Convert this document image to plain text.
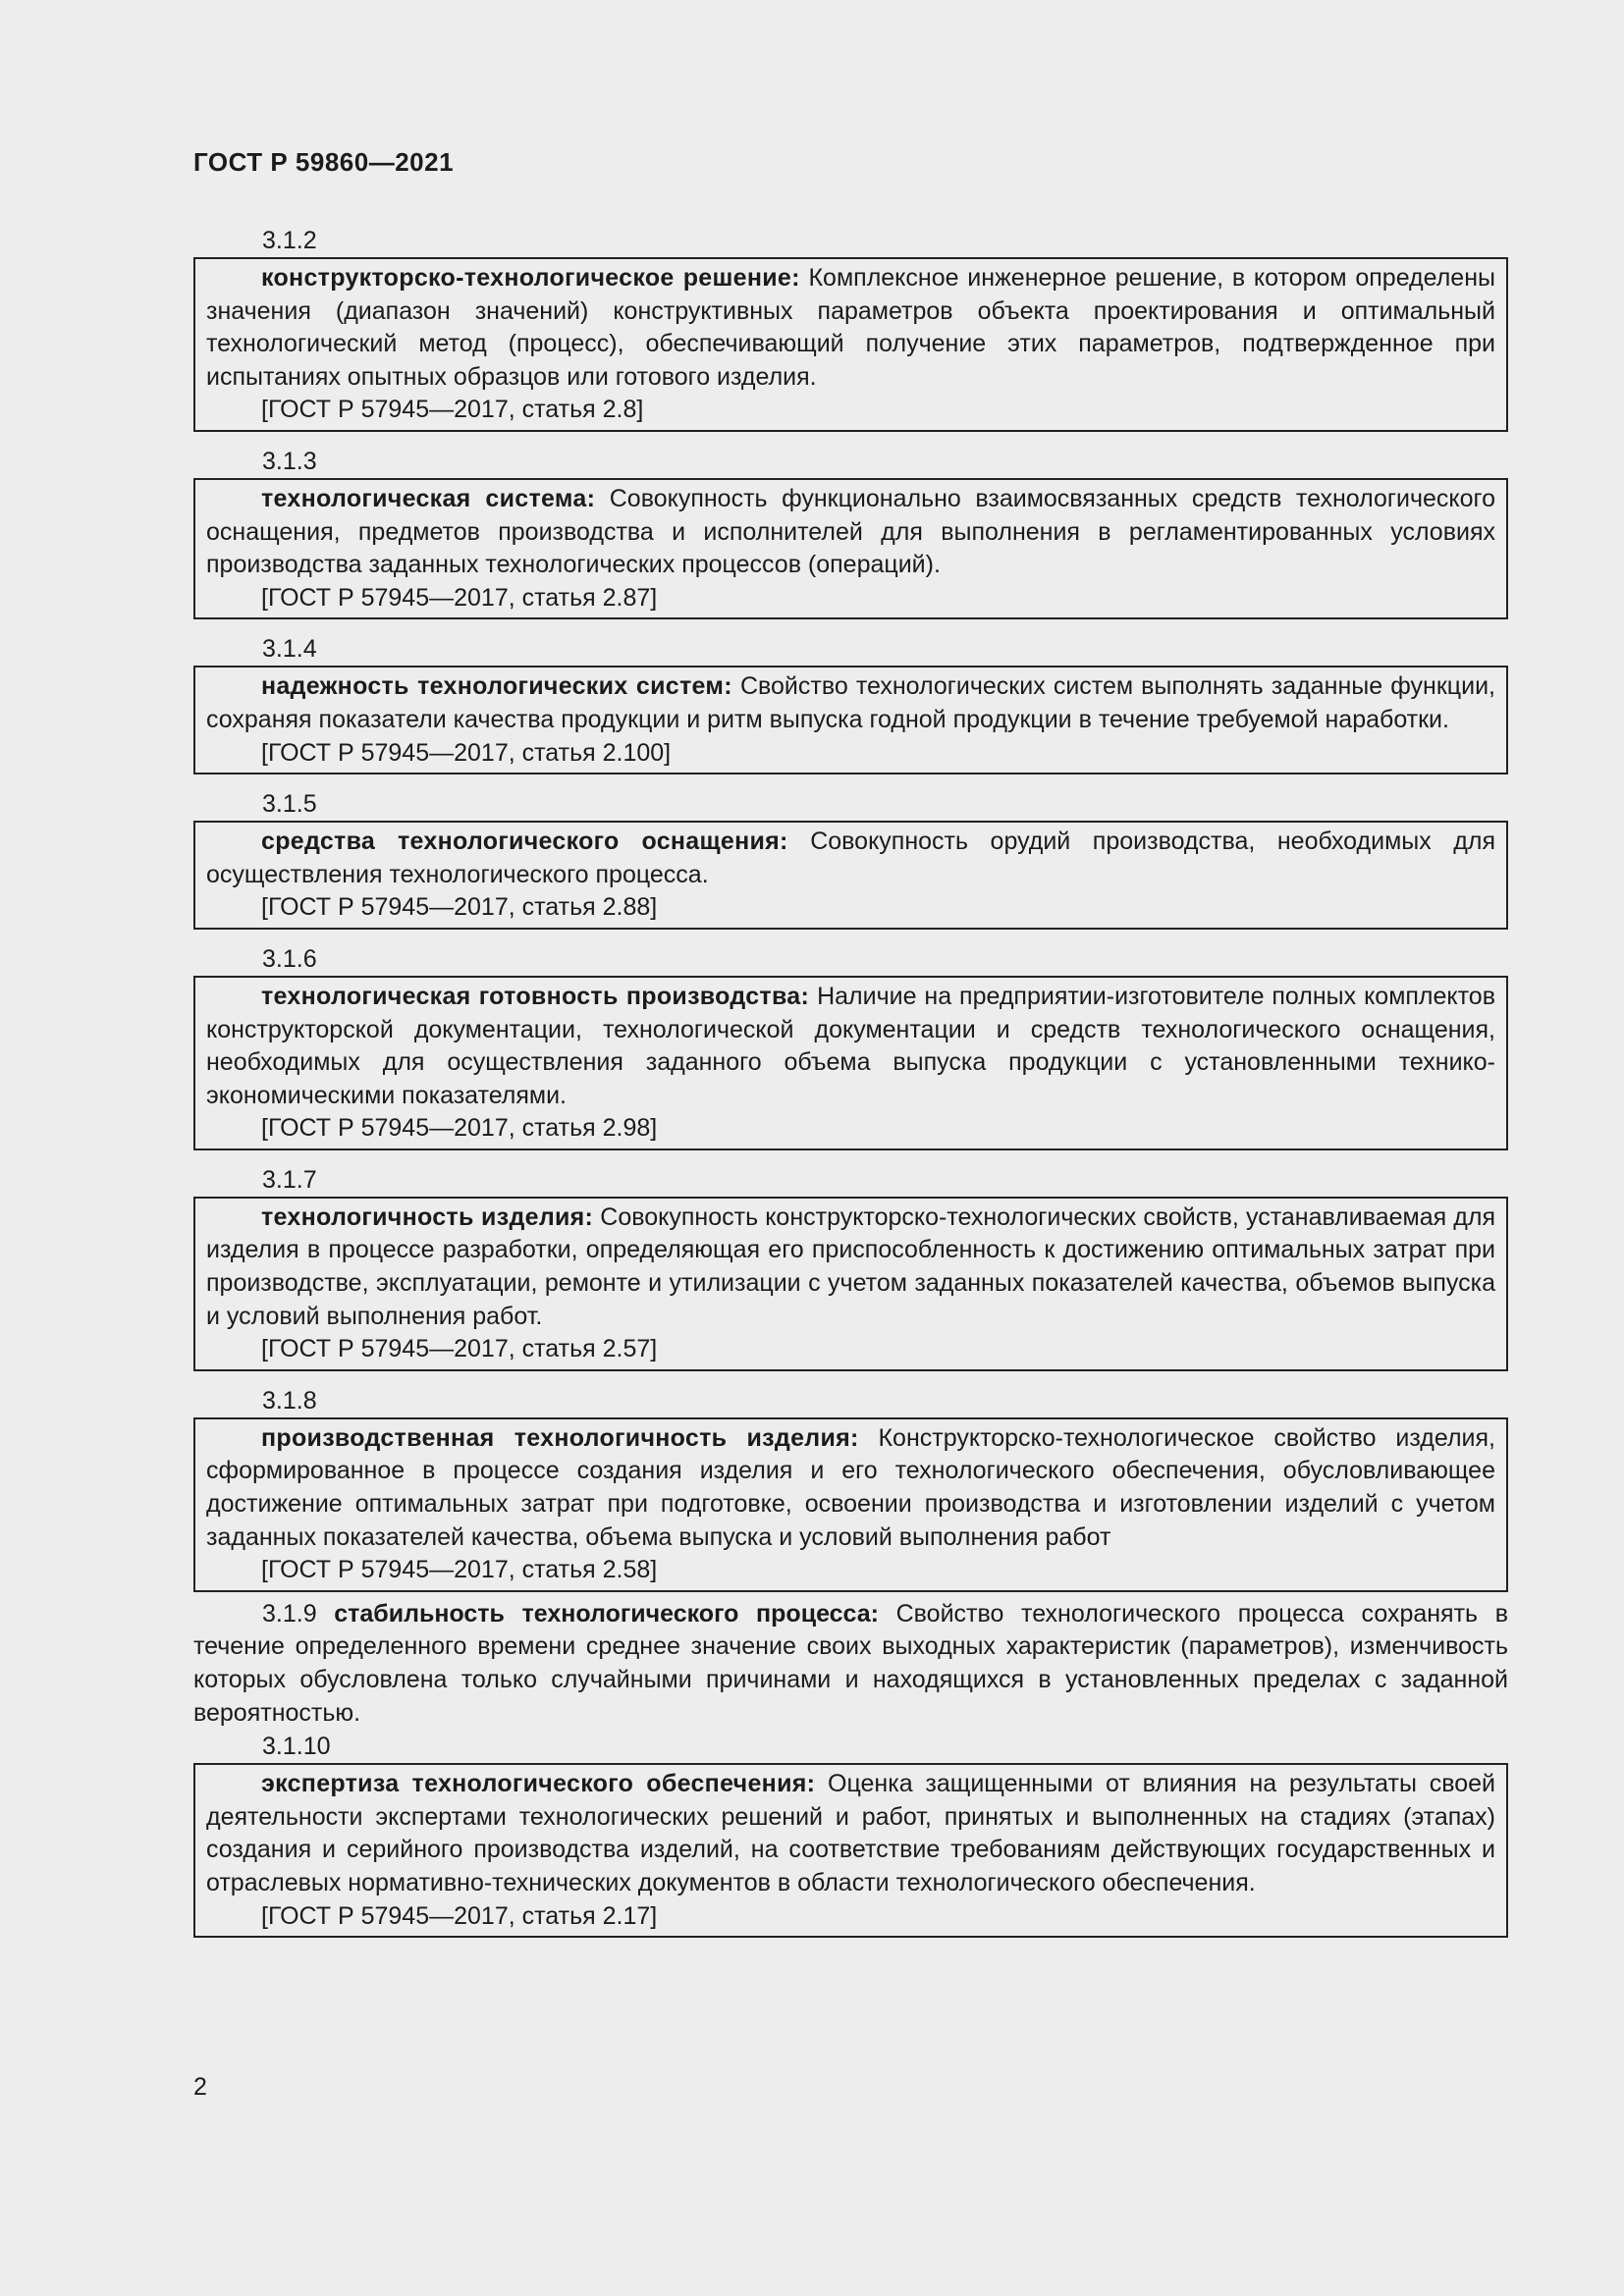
ГОСТ Р 59860—2021

3.1.2

конструкторско-технологическое решение: Комплексное инженерное решение, в котором определены значения (диапазон значений) конструктивных параметров объекта проектирования и оптимальный технологический метод (процесс), обеспечивающий получение этих параметров, подтвержденное при испытаниях опытных образцов или готового изделия.

[ГОСТ Р 57945—2017, статья 2.8]

3.1.3

технологическая система: Совокупность функционально взаимосвязанных средств технологического оснащения, предметов производства и исполнителей для выполнения в регламентированных условиях производства заданных технологических процессов (операций).

[ГОСТ Р 57945—2017, статья 2.87]

3.1.4

надежность технологических систем: Свойство технологических систем выполнять заданные функции, сохраняя показатели качества продукции и ритм выпуска годной продукции в течение требуемой наработки.

[ГОСТ Р 57945—2017, статья 2.100]

3.1.5

средства технологического оснащения: Совокупность орудий производства, необходимых для осуществления технологического процесса.

[ГОСТ Р 57945—2017, статья 2.88]

3.1.6

технологическая готовность производства: Наличие на предприятии-изготовителе полных комплектов конструкторской документации, технологической документации и средств технологического оснащения, необходимых для осуществления заданного объема выпуска продукции с установленными технико-экономическими показателями.

[ГОСТ Р 57945—2017, статья 2.98]

3.1.7

технологичность изделия: Совокупность конструкторско-технологических свойств, устанавливаемая для изделия в процессе разработки, определяющая его приспособленность к достижению оптимальных затрат при производстве, эксплуатации, ремонте и утилизации с учетом заданных показателей качества, объемов выпуска и условий выполнения работ.

[ГОСТ Р 57945—2017, статья 2.57]

3.1.8

производственная технологичность изделия: Конструкторско-технологическое свойство изделия, сформированное в процессе создания изделия и его технологического обеспечения, обусловливающее достижение оптимальных затрат при подготовке, освоении производства и изготовлении изделий с учетом заданных показателей качества, объема выпуска и условий выполнения работ

[ГОСТ Р 57945—2017, статья 2.58]

3.1.9 стабильность технологического процесса: Свойство технологического процесса сохранять в течение определенного времени среднее значение своих выходных характеристик (параметров), изменчивость которых обусловлена только случайными причинами и находящихся в установленных пределах с заданной вероятностью.

3.1.10

экспертиза технологического обеспечения: Оценка защищенными от влияния на результаты своей деятельности экспертами технологических решений и работ, принятых и выполненных на стадиях (этапах) создания и серийного производства изделий, на соответствие требованиям действующих государственных и отраслевых нормативно-технических документов в области технологического обеспечения.

[ГОСТ Р 57945—2017, статья 2.17]

2
